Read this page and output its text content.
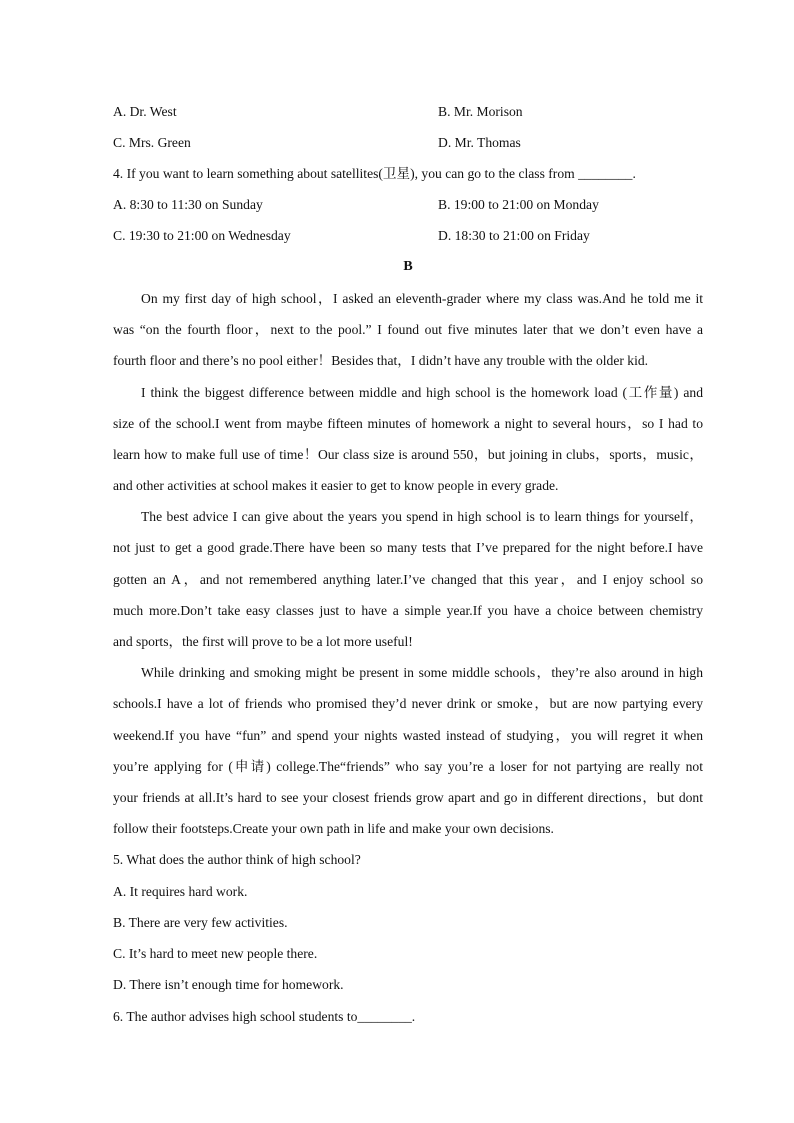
A. Dr. West	B. Mr. Morison
C. Mrs. Green	D. Mr. Thomas
4. If you want to learn something about satellites(卫星), you can go to the class from ________.
A. 8:30 to 11:30 on Sunday	B. 19:00 to 21:00 on Monday
C. 19:30 to 21:00 on Wednesday	D. 18:30 to 21:00 on Friday
B
On my first day of high school，I asked an eleventh-grader where my class was.And he told me it
was “on the fourth floor，next to the pool.” I found out five minutes later that we don’t even have a
fourth floor and there’s no pool either！Besides that，I didn’t have any trouble with the older kid.
I think the biggest difference between middle and high school is the homework load (工作量) and
size of the school.I went from maybe fifteen minutes of homework a night to several hours，so I had to
learn how to make full use of time！Our class size is around 550，but joining in clubs，sports，music，
and other activities at school makes it easier to get to know people in every grade.
The best advice I can give about the years you spend in high school is to learn things for yourself，
not just to get a good grade.There have been so many tests that I’ve prepared for the night before.I have
gotten an A，and not remembered anything later.I’ve changed that this year，and I enjoy school so
much more.Don’t take easy classes just to have a simple year.If you have a choice between chemistry
and sports，the first will prove to be a lot more useful!
While drinking and smoking might be present in some middle schools，they’re also around in high
schools.I have a lot of friends who promised they’d never drink or smoke，but are now partying every
weekend.If you have “fun” and spend your nights wasted instead of studying，you will regret it when
you’re applying for (申请) college.The“friends” who say you’re a loser for not partying are really not
your friends at all.It’s hard to see your closest friends grow apart and go in different directions，but dont
follow their footsteps.Create your own path in life and make your own decisions.
5. What does the author think of high school?
A. It requires hard work.
B. There are very few activities.
C. It’s hard to meet new people there.
D. There isn’t enough time for homework.
6. The author advises high school students to________.
